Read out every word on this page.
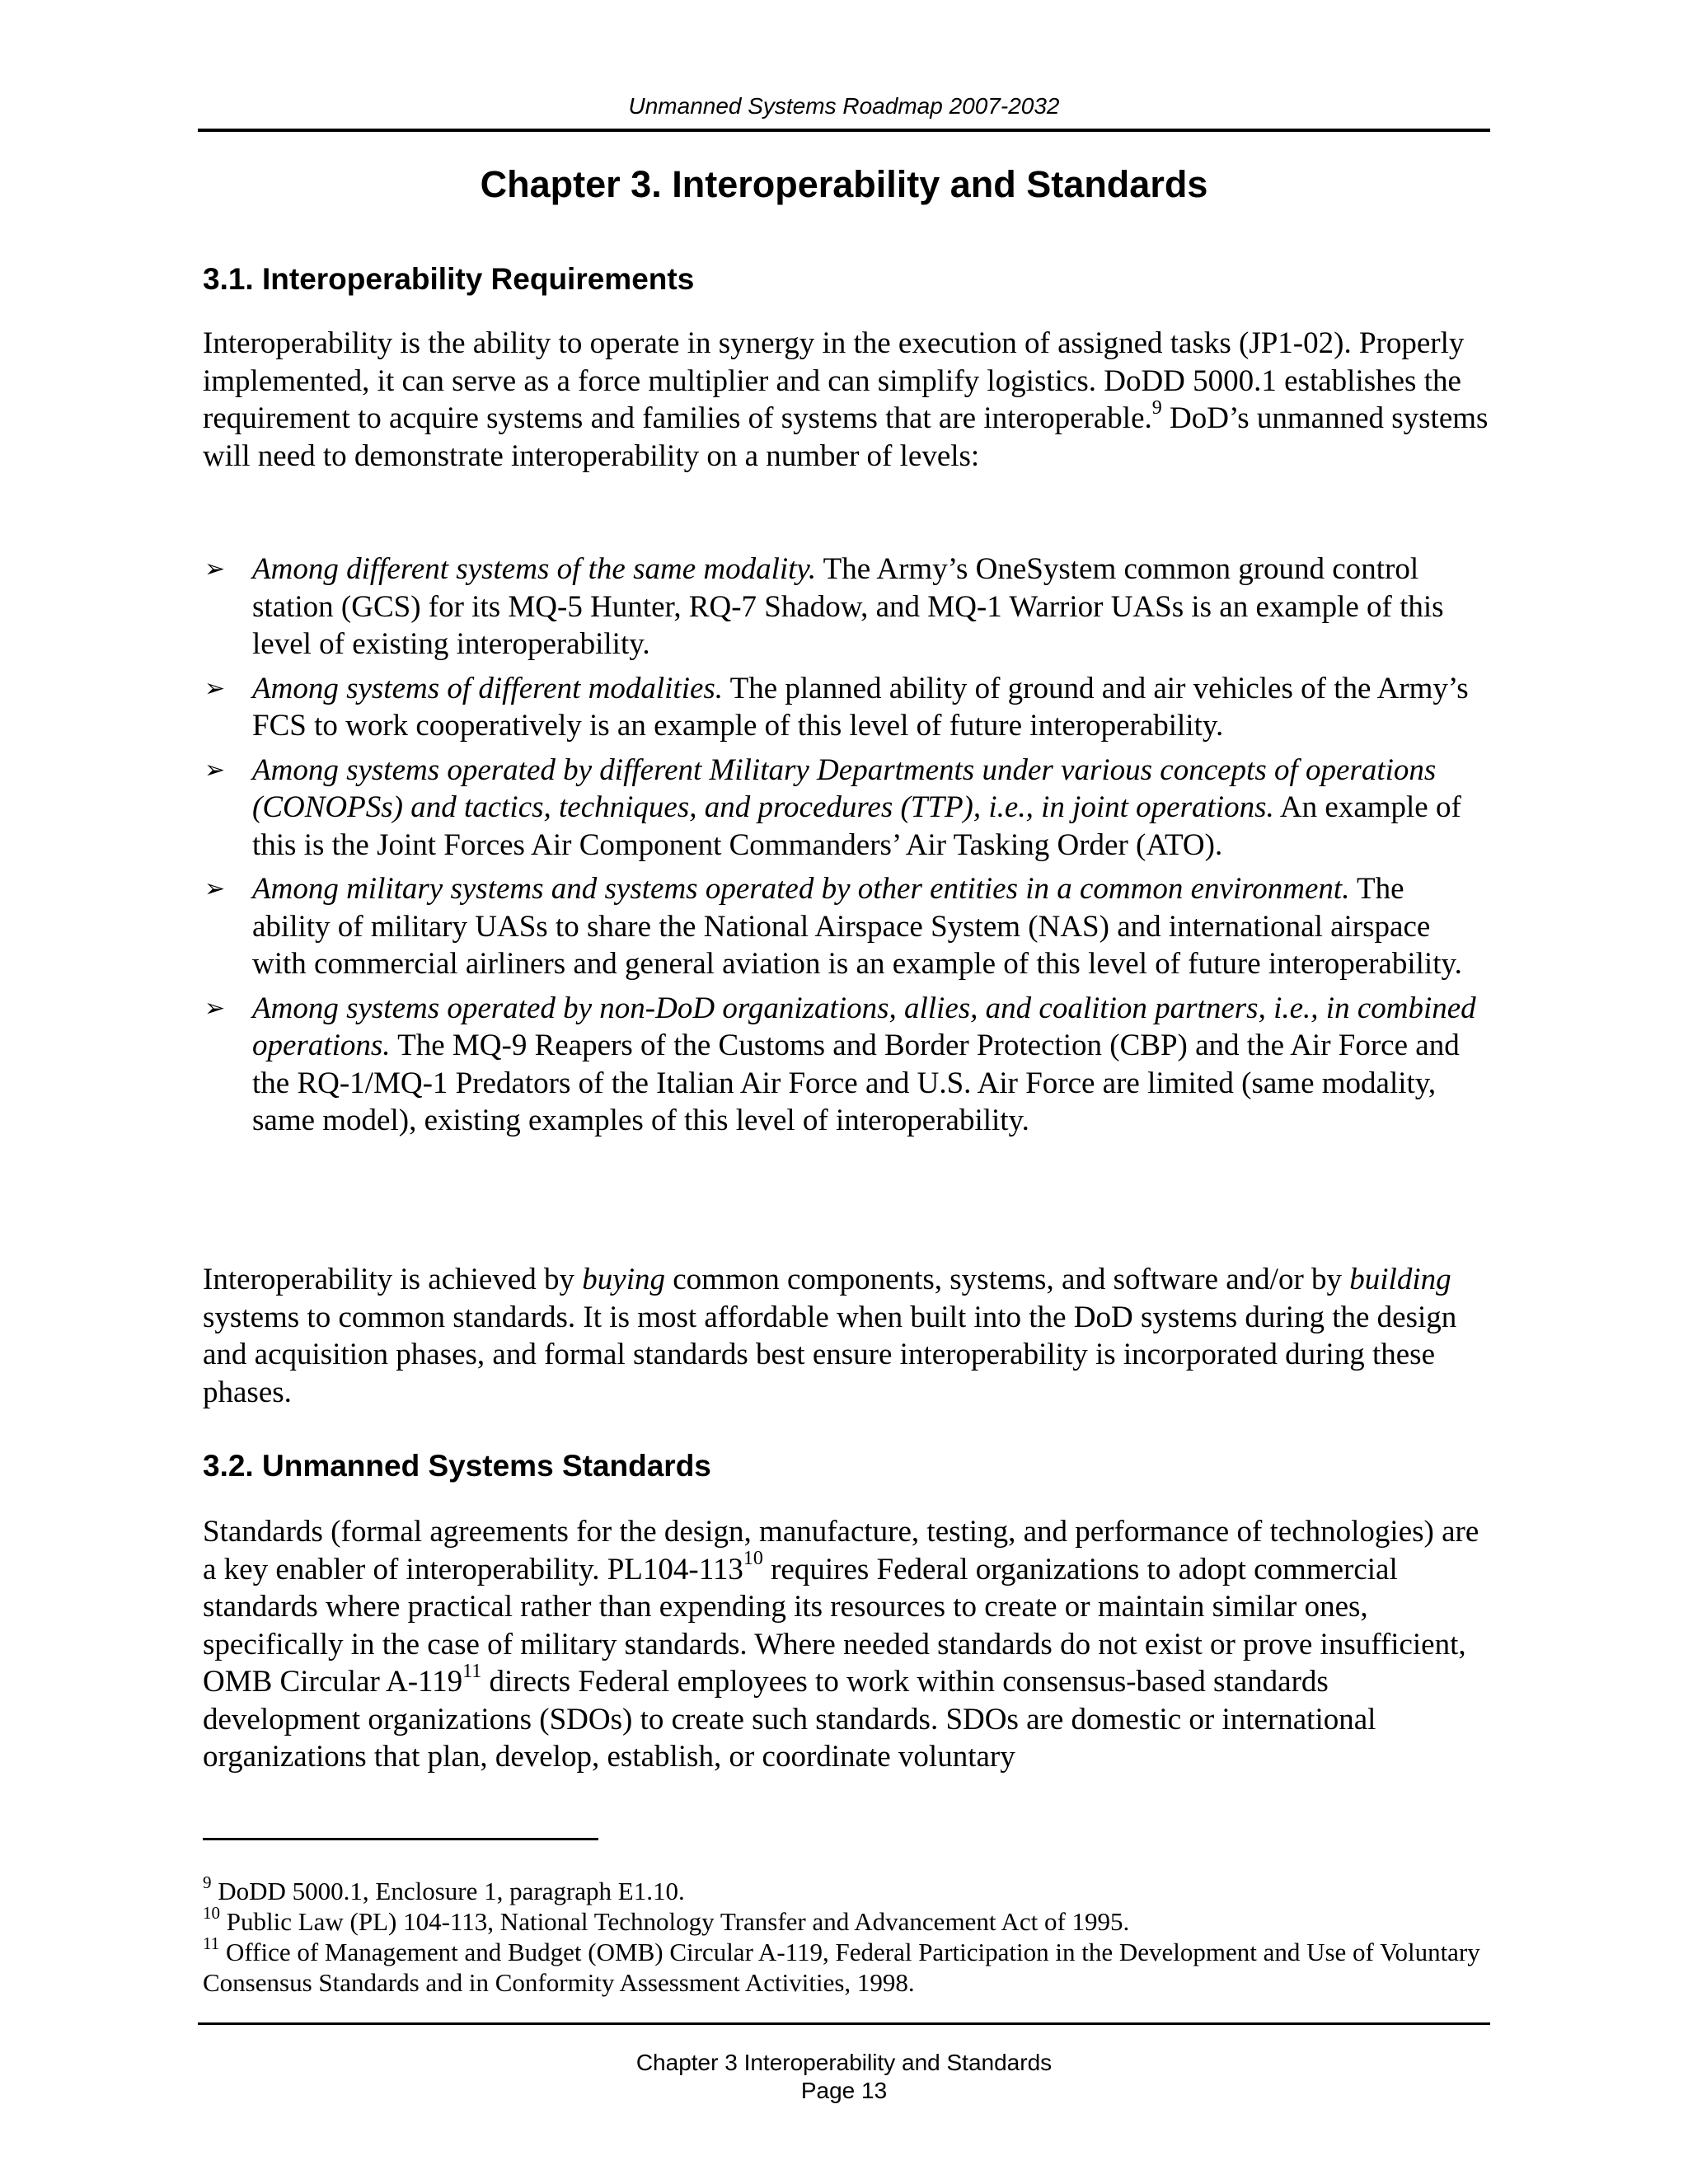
Unmanned Systems Roadmap 2007-2032
Chapter 3. Interoperability and Standards
3.1. Interoperability Requirements
Interoperability is the ability to operate in synergy in the execution of assigned tasks (JP1-02). Properly implemented, it can serve as a force multiplier and can simplify logistics. DoDD 5000.1 establishes the requirement to acquire systems and families of systems that are interoperable.$^9$ DoD’s unmanned systems will need to demonstrate interoperability on a number of levels:
➢ Among different systems of the same modality. The Army’s OneSystem common ground control station (GCS) for its MQ-5 Hunter, RQ-7 Shadow, and MQ-1 Warrior UASs is an example of this level of existing interoperability.
➢ Among systems of different modalities. The planned ability of ground and air vehicles of the Army’s FCS to work cooperatively is an example of this level of future interoperability.
➢ Among systems operated by different Military Departments under various concepts of operations (CONOPSs) and tactics, techniques, and procedures (TTP), i.e., in joint operations. An example of this is the Joint Forces Air Component Commanders’ Air Tasking Order (ATO).
➢ Among military systems and systems operated by other entities in a common environment. The ability of military UASs to share the National Airspace System (NAS) and international airspace with commercial airliners and general aviation is an example of this level of future interoperability.
➢ Among systems operated by non-DoD organizations, allies, and coalition partners, i.e., in combined operations. The MQ-9 Reapers of the Customs and Border Protection (CBP) and the Air Force and the RQ-1/MQ-1 Predators of the Italian Air Force and U.S. Air Force are limited (same modality, same model), existing examples of this level of interoperability.
Interoperability is achieved by buying common components, systems, and software and/or by building systems to common standards. It is most affordable when built into the DoD systems during the design and acquisition phases, and formal standards best ensure interoperability is incorporated during these phases.
3.2. Unmanned Systems Standards
Standards (formal agreements for the design, manufacture, testing, and performance of technologies) are a key enabler of interoperability. $PL104-113^{10}$ requires Federal organizations to adopt commercial standards where practical rather than expending its resources to create or maintain similar ones, specifically in the case of military standards. Where needed standards do not exist or prove insufficient, OMB Circular $A-119^{11}$ directs Federal employees to work within consensus-based standards development organizations (SDOs) to create such standards. SDOs are domestic or international organizations that plan, develop, establish, or coordinate voluntary
$^9$ DoDD 5000.1, Enclosure 1, paragraph E1.10.
$^{10}$ Public Law (PL) 104-113, National Technology Transfer and Advancement Act of 1995.
$^{11}$ Office of Management and Budget (OMB) Circular A-119, Federal Participation in the Development and Use of Voluntary Consensus Standards and in Conformity Assessment Activities, 1998.
Chapter 3 Interoperability and Standards
Page 13
